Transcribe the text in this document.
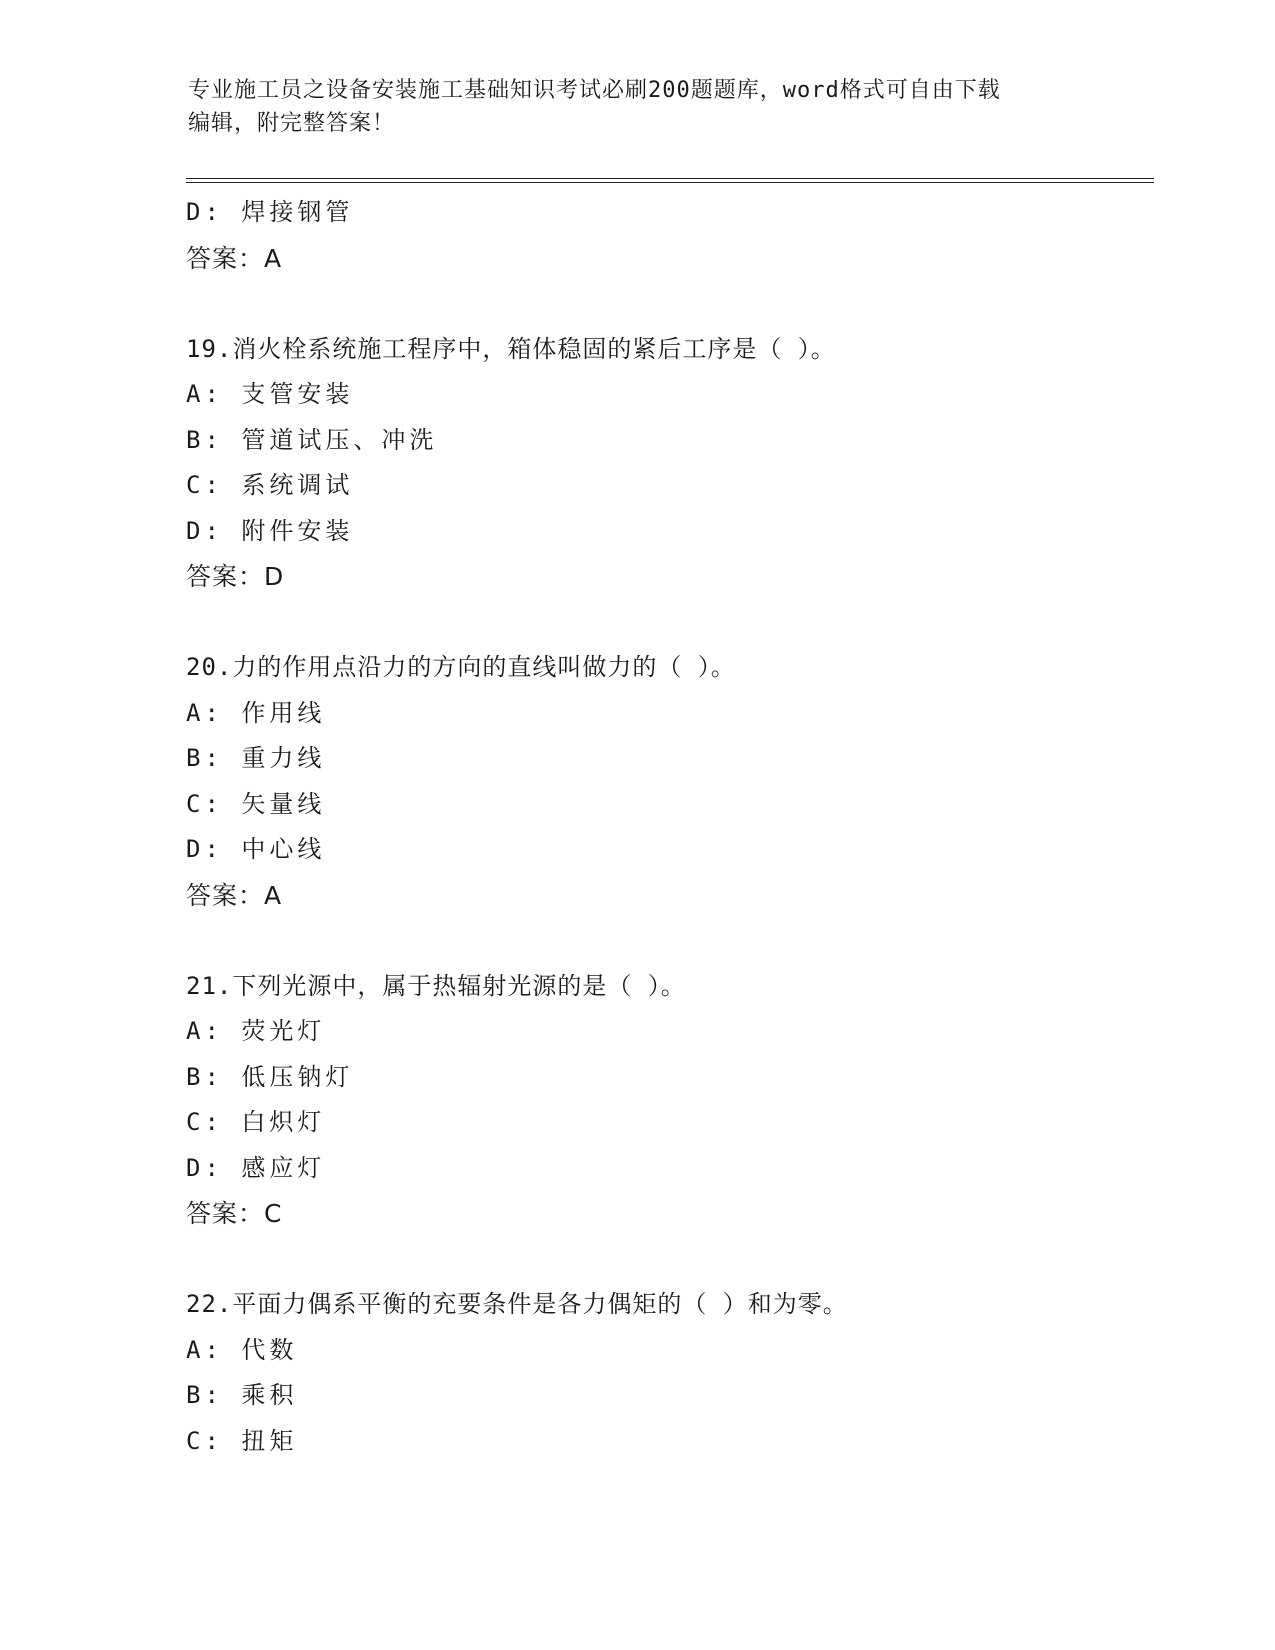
专业施工员之设备安装施工基础知识考试必刷200题题库，word格式可自由下载
编辑，附完整答案！
D: 焊接钢管
答案：A
19.消火栓系统施工程序中，箱体稳固的紧后工序是（ ）。
A: 支管安装
B: 管道试压、冲洗
C: 系统调试
D: 附件安装
答案：D
20.力的作用点沿力的方向的直线叫做力的（ ）。
A: 作用线
B: 重力线
C: 矢量线
D: 中心线
答案：A
21.下列光源中，属于热辐射光源的是（ ）。
A: 荧光灯
B: 低压钠灯
C: 白炽灯
D: 感应灯
答案：C
22.平面力偶系平衡的充要条件是各力偶矩的（ ）和为零。
A: 代数
B: 乘积
C: 扭矩
